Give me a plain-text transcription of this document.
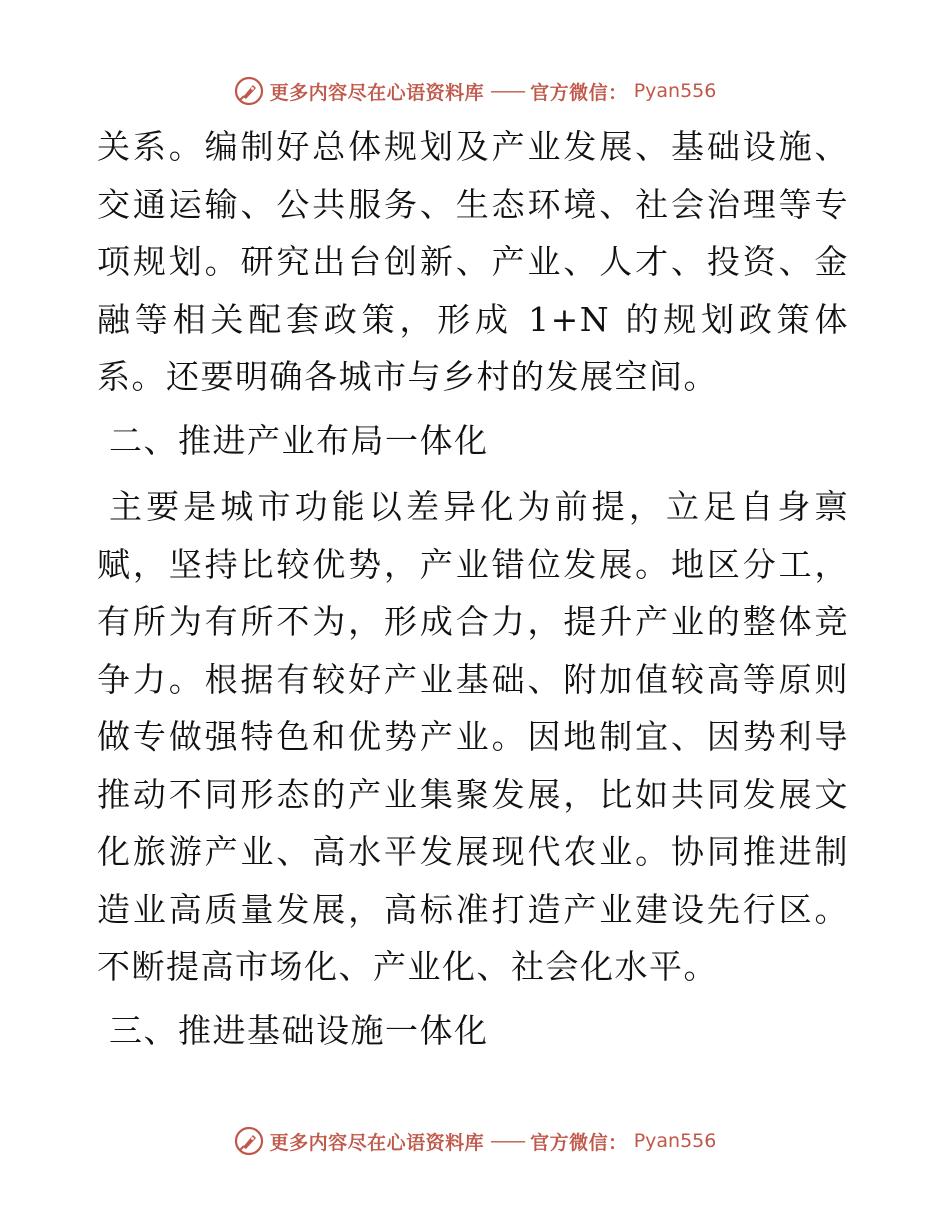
更多内容尽在心语资料库 —— 官方微信： Pyan556

关系。编制好总体规划及产业发展、基础设施、交通运输、公共服务、生态环境、社会治理等专项规划。研究出台创新、产业、人才、投资、金融等相关配套政策，形成 1+N 的规划政策体系。还要明确各城市与乡村的发展空间。

二、推进产业布局一体化

主要是城市功能以差异化为前提，立足自身禀赋，坚持比较优势，产业错位发展。地区分工，有所为有所不为，形成合力，提升产业的整体竞争力。根据有较好产业基础、附加值较高等原则做专做强特色和优势产业。因地制宜、因势利导推动不同形态的产业集聚发展，比如共同发展文化旅游产业、高水平发展现代农业。协同推进制造业高质量发展，高标准打造产业建设先行区。不断提高市场化、产业化、社会化水平。

三、推进基础设施一体化

更多内容尽在心语资料库 —— 官方微信： Pyan556
